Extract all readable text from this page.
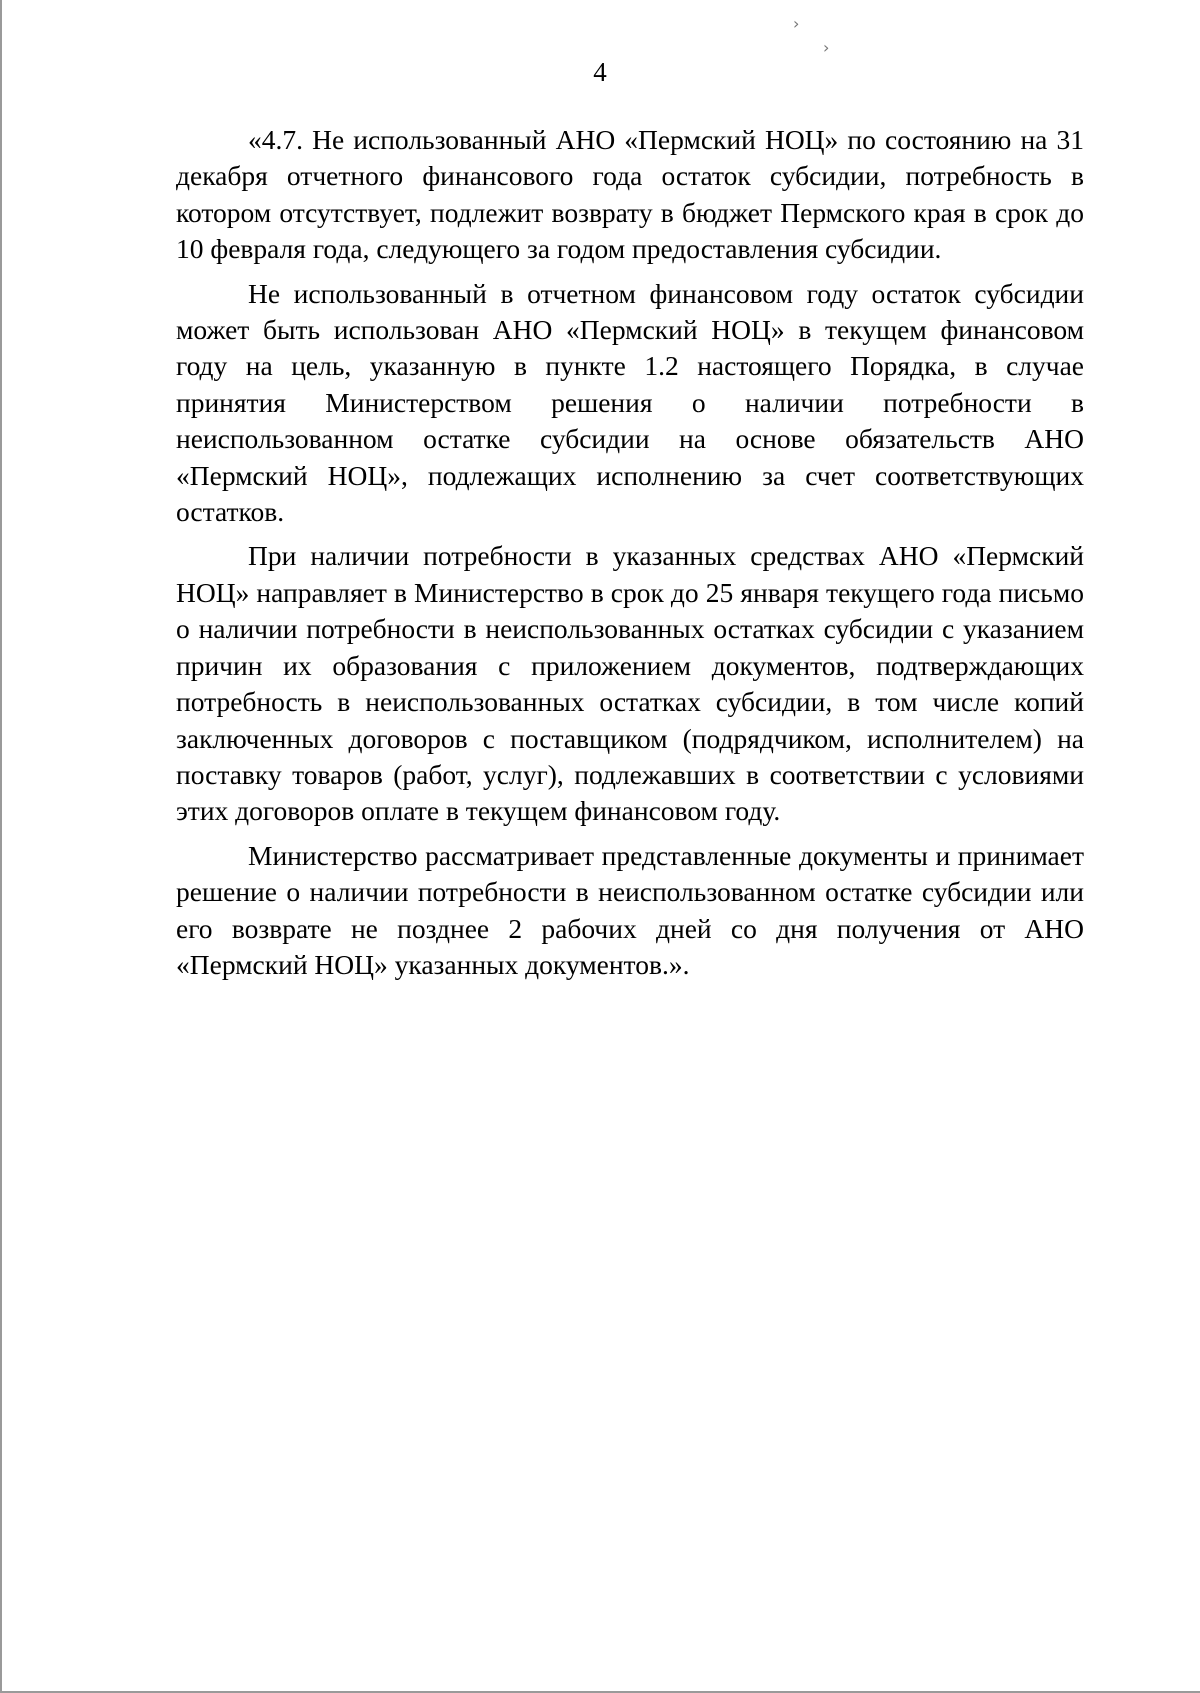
›
›
4

«4.7. Не использованный АНО «Пермский НОЦ» по состоянию на 31 декабря отчетного финансового года остаток субсидии, потребность в котором отсутствует, подлежит возврату в бюджет Пермского края в срок до 10 февраля года, следующего за годом предоставления субсидии.

Не использованный в отчетном финансовом году остаток субсидии может быть использован АНО «Пермский НОЦ» в текущем финансовом году на цель, указанную в пункте 1.2 настоящего Порядка, в случае принятия Министерством решения о наличии потребности в неиспользованном остатке субсидии на основе обязательств АНО «Пермский НОЦ», подлежащих исполнению за счет соответствующих остатков.

При наличии потребности в указанных средствах АНО «Пермский НОЦ» направляет в Министерство в срок до 25 января текущего года письмо о наличии потребности в неиспользованных остатках субсидии с указанием причин их образования с приложением документов, подтверждающих потребность в неиспользованных остатках субсидии, в том числе копий заключенных договоров с поставщиком (подрядчиком, исполнителем) на поставку товаров (работ, услуг), подлежавших в соответствии с условиями этих договоров оплате в текущем финансовом году.

Министерство рассматривает представленные документы и принимает решение о наличии потребности в неиспользованном остатке субсидии или его возврате не позднее 2 рабочих дней со дня получения от АНО «Пермский НОЦ» указанных документов.».
